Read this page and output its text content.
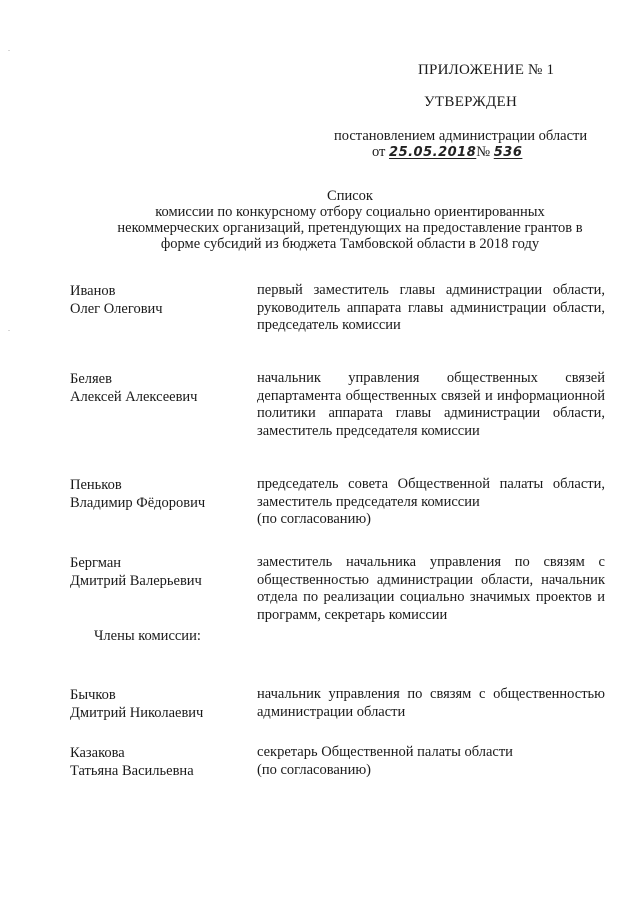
.
.
ПРИЛОЖЕНИЕ № 1
УТВЕРЖДЕН
постановлением администрации области
от 25.05.2018№ 536
Список
комиссии по конкурсному отбору социально ориентированных
некоммерческих организаций, претендующих на предоставление грантов в
форме субсидий из бюджета Тамбовской области в 2018 году
Иванов
Олег Олегович
первый заместитель главы администрации области, руководитель аппарата главы администрации области, председатель комиссии
Беляев
Алексей Алексеевич
начальник управления общественных связей департамента общественных связей и информационной политики аппарата главы администрации области, заместитель председателя комиссии
Пеньков
Владимир Фёдорович
председатель совета Общественной палаты области, заместитель председателя комиссии
(по согласованию)
Бергман
Дмитрий Валерьевич
заместитель начальника управления по связям с общественностью администрации области, начальник отдела по реализации социально значимых проектов и программ, секретарь комиссии
Члены комиссии:
Бычков
Дмитрий Николаевич
начальник управления по связям с общественностью администрации области
Казакова
Татьяна Васильевна
секретарь Общественной палаты области
(по согласованию)
